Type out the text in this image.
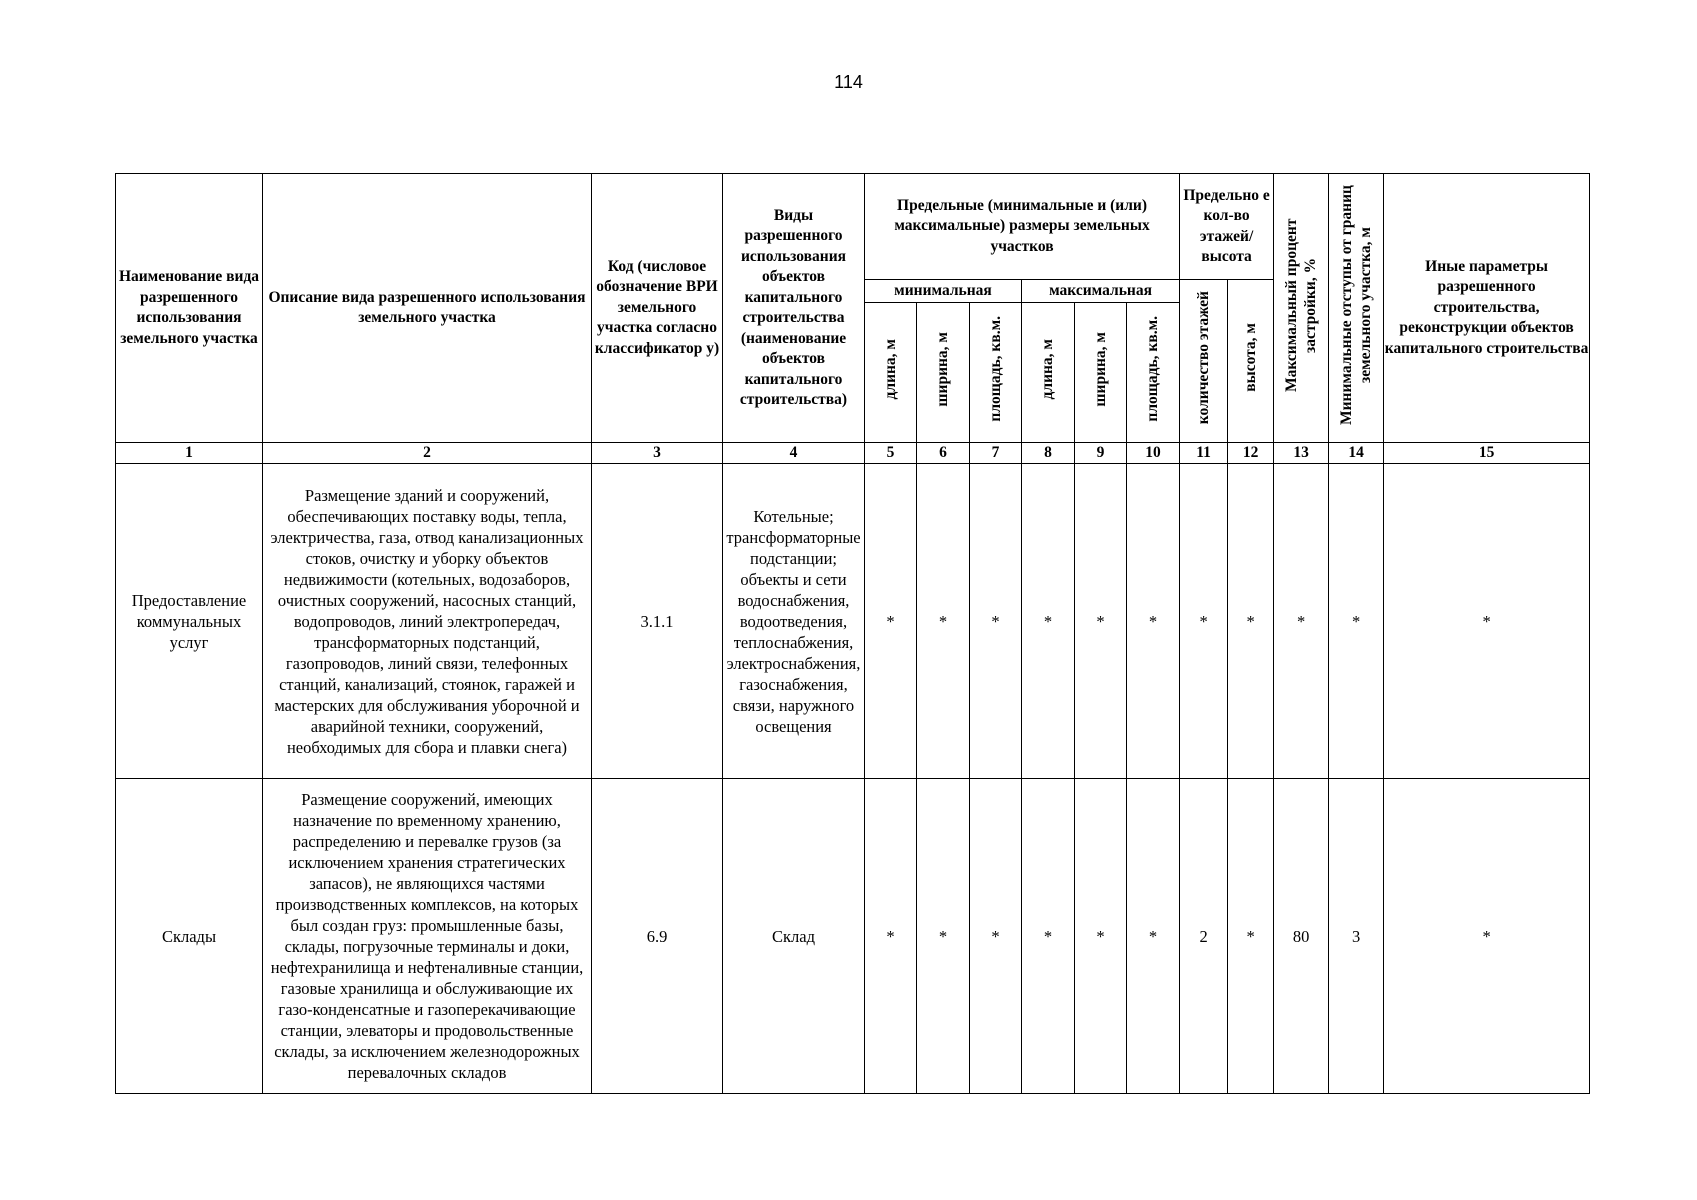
114
Наименование вида разрешенного использования земельного участка	Описание вида разрешенного использования земельного участка	Код (числовое обозначение ВРИ земельного участка согласно классификатор у)	Виды разрешенного использования объектов капитального строительства (наименование объектов капитального строительства)	Предельные (минимальные и (или) максимальные) размеры земельных участков						Предельно е кол-во этажей/ высота		Максимальный процент застройки, %	Минимальные отступы от границ земельного участка, м	Иные параметры разрешенного строительства, реконструкции объектов капитального строительства
				минимальная			максимальная			количество этажей	высота, м			
				длина, м	ширина, м	площадь, кв.м.	длина, м	ширина, м	площадь, кв.м.					
1	2	3	4	5	6	7	8	9	10	11	12	13	14	15
Предоставление коммунальных услуг	Размещение зданий и сооружений, обеспечивающих поставку воды, тепла, электричества, газа, отвод канализационных стоков, очистку и уборку объектов недвижимости (котельных, водозаборов, очистных сооружений, насосных станций, водопроводов, линий электропередач, трансформаторных подстанций, газопроводов, линий связи, телефонных станций, канализаций, стоянок, гаражей и мастерских для обслуживания уборочной и аварийной техники, сооружений, необходимых для сбора и плавки снега)	3.1.1	Котельные; трансформаторные подстанции; объекты и сети водоснабжения, водоотведения, теплоснабжения, электроснабжения, газоснабжения, связи, наружного освещения	*	*	*	*	*	*	*	*	*	*	*
Склады	Размещение сооружений, имеющих назначение по временному хранению, распределению и перевалке грузов (за исключением хранения стратегических запасов), не являющихся частями производственных комплексов, на которых был создан груз: промышленные базы, склады, погрузочные терминалы и доки, нефтехранилища и нефтеналивные станции, газовые хранилища и обслуживающие их газо-конденсатные и газоперекачивающие станции, элеваторы и продовольственные склады, за исключением железнодорожных перевалочных складов	6.9	Склад	*	*	*	*	*	*	2	*	80	3	*
